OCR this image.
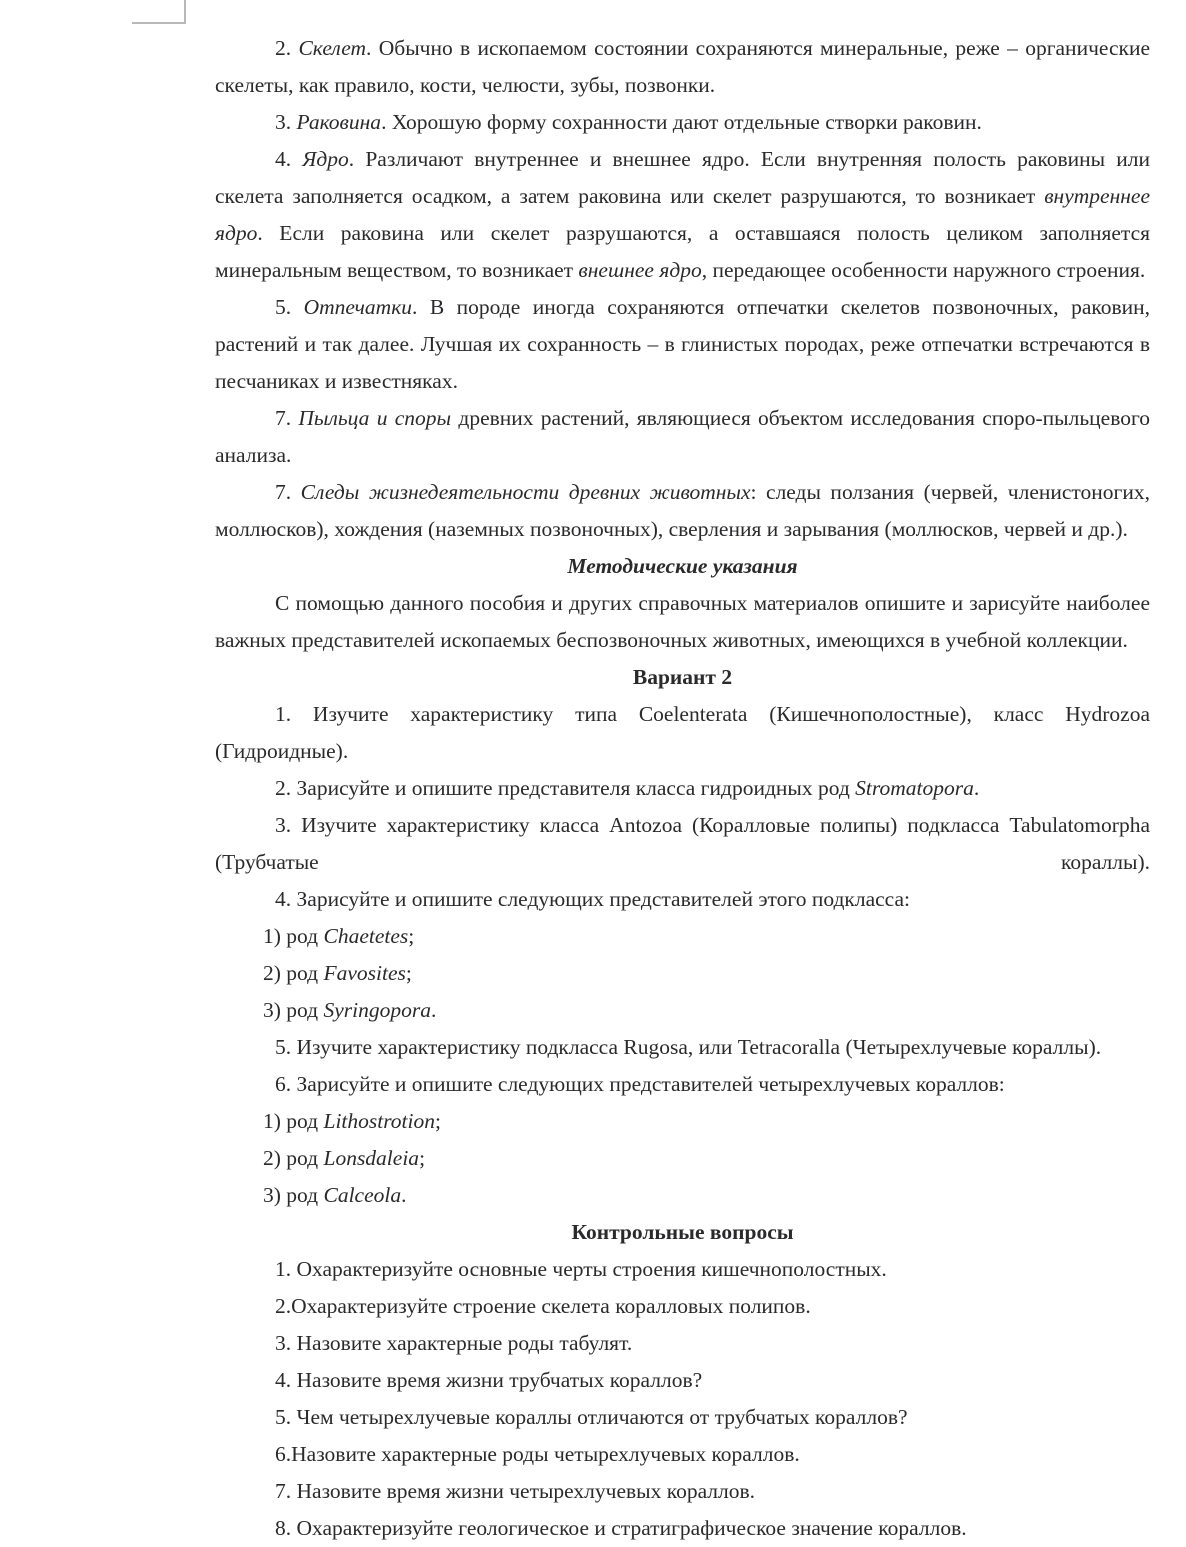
2. Скелет. Обычно в ископаемом состоянии сохраняются минеральные, реже – органические скелеты, как правило, кости, челюсти, зубы, позвонки.

3. Раковина. Хорошую форму сохранности дают отдельные створки раковин.

4. Ядро. Различают внутреннее и внешнее ядро. Если внутренняя полость раковины или скелета заполняется осадком, а затем раковина или скелет разрушаются, то возникает внутреннее ядро. Если раковина или скелет разрушаются, а оставшаяся полость целиком заполняется минеральным веществом, то возникает внешнее ядро, передающее особенности наружного строения.

5. Отпечатки. В породе иногда сохраняются отпечатки скелетов позвоночных, раковин, растений и так далее. Лучшая их сохранность – в глинистых породах, реже отпечатки встречаются в песчаниках и известняках.

7. Пыльца и споры древних растений, являющиеся объектом исследования споро-пыльцевого анализа.

7. Следы жизнедеятельности древних животных: следы ползания (червей, членистоногих, моллюсков), хождения (наземных позвоночных), сверления и зарывания (моллюсков, червей и др.).

Методические указания

С помощью данного пособия и других справочных материалов опишите и зарисуйте наиболее важных представителей ископаемых беспозвоночных животных, имеющихся в учебной коллекции.

Вариант 2

1. Изучите характеристику типа Coelenterata (Кишечнополостные), класс Hydrozoa (Гидроидные).

2. Зарисуйте и опишите представителя класса гидроидных род Stromatopora.

3. Изучите характеристику класса Antozoa (Коралловые полипы) подкласса Tabulatomorpha (Трубчатые кораллы).

4. Зарисуйте и опишите следующих представителей этого подкласса:

1) род Chaetetes;

2) род Favosites;

3) род Syringopora.

5. Изучите характеристику подкласса Rugosa, или Tetracoralla (Четырехлучевые кораллы).

6. Зарисуйте и опишите следующих представителей четырехлучевых кораллов:

1) род Lithostrotion;

2) род Lonsdaleia;

3) род Calceola.

Контрольные вопросы

1. Охарактеризуйте основные черты строения кишечнополостных.

2.Охарактеризуйте строение скелета коралловых полипов.

3. Назовите характерные роды табулят.

4. Назовите время жизни трубчатых кораллов?

5. Чем четырехлучевые кораллы отличаются от трубчатых кораллов?

6.Назовите характерные роды четырехлучевых кораллов.

7. Назовите время жизни четырехлучевых кораллов.

8. Охарактеризуйте геологическое и стратиграфическое значение кораллов.
